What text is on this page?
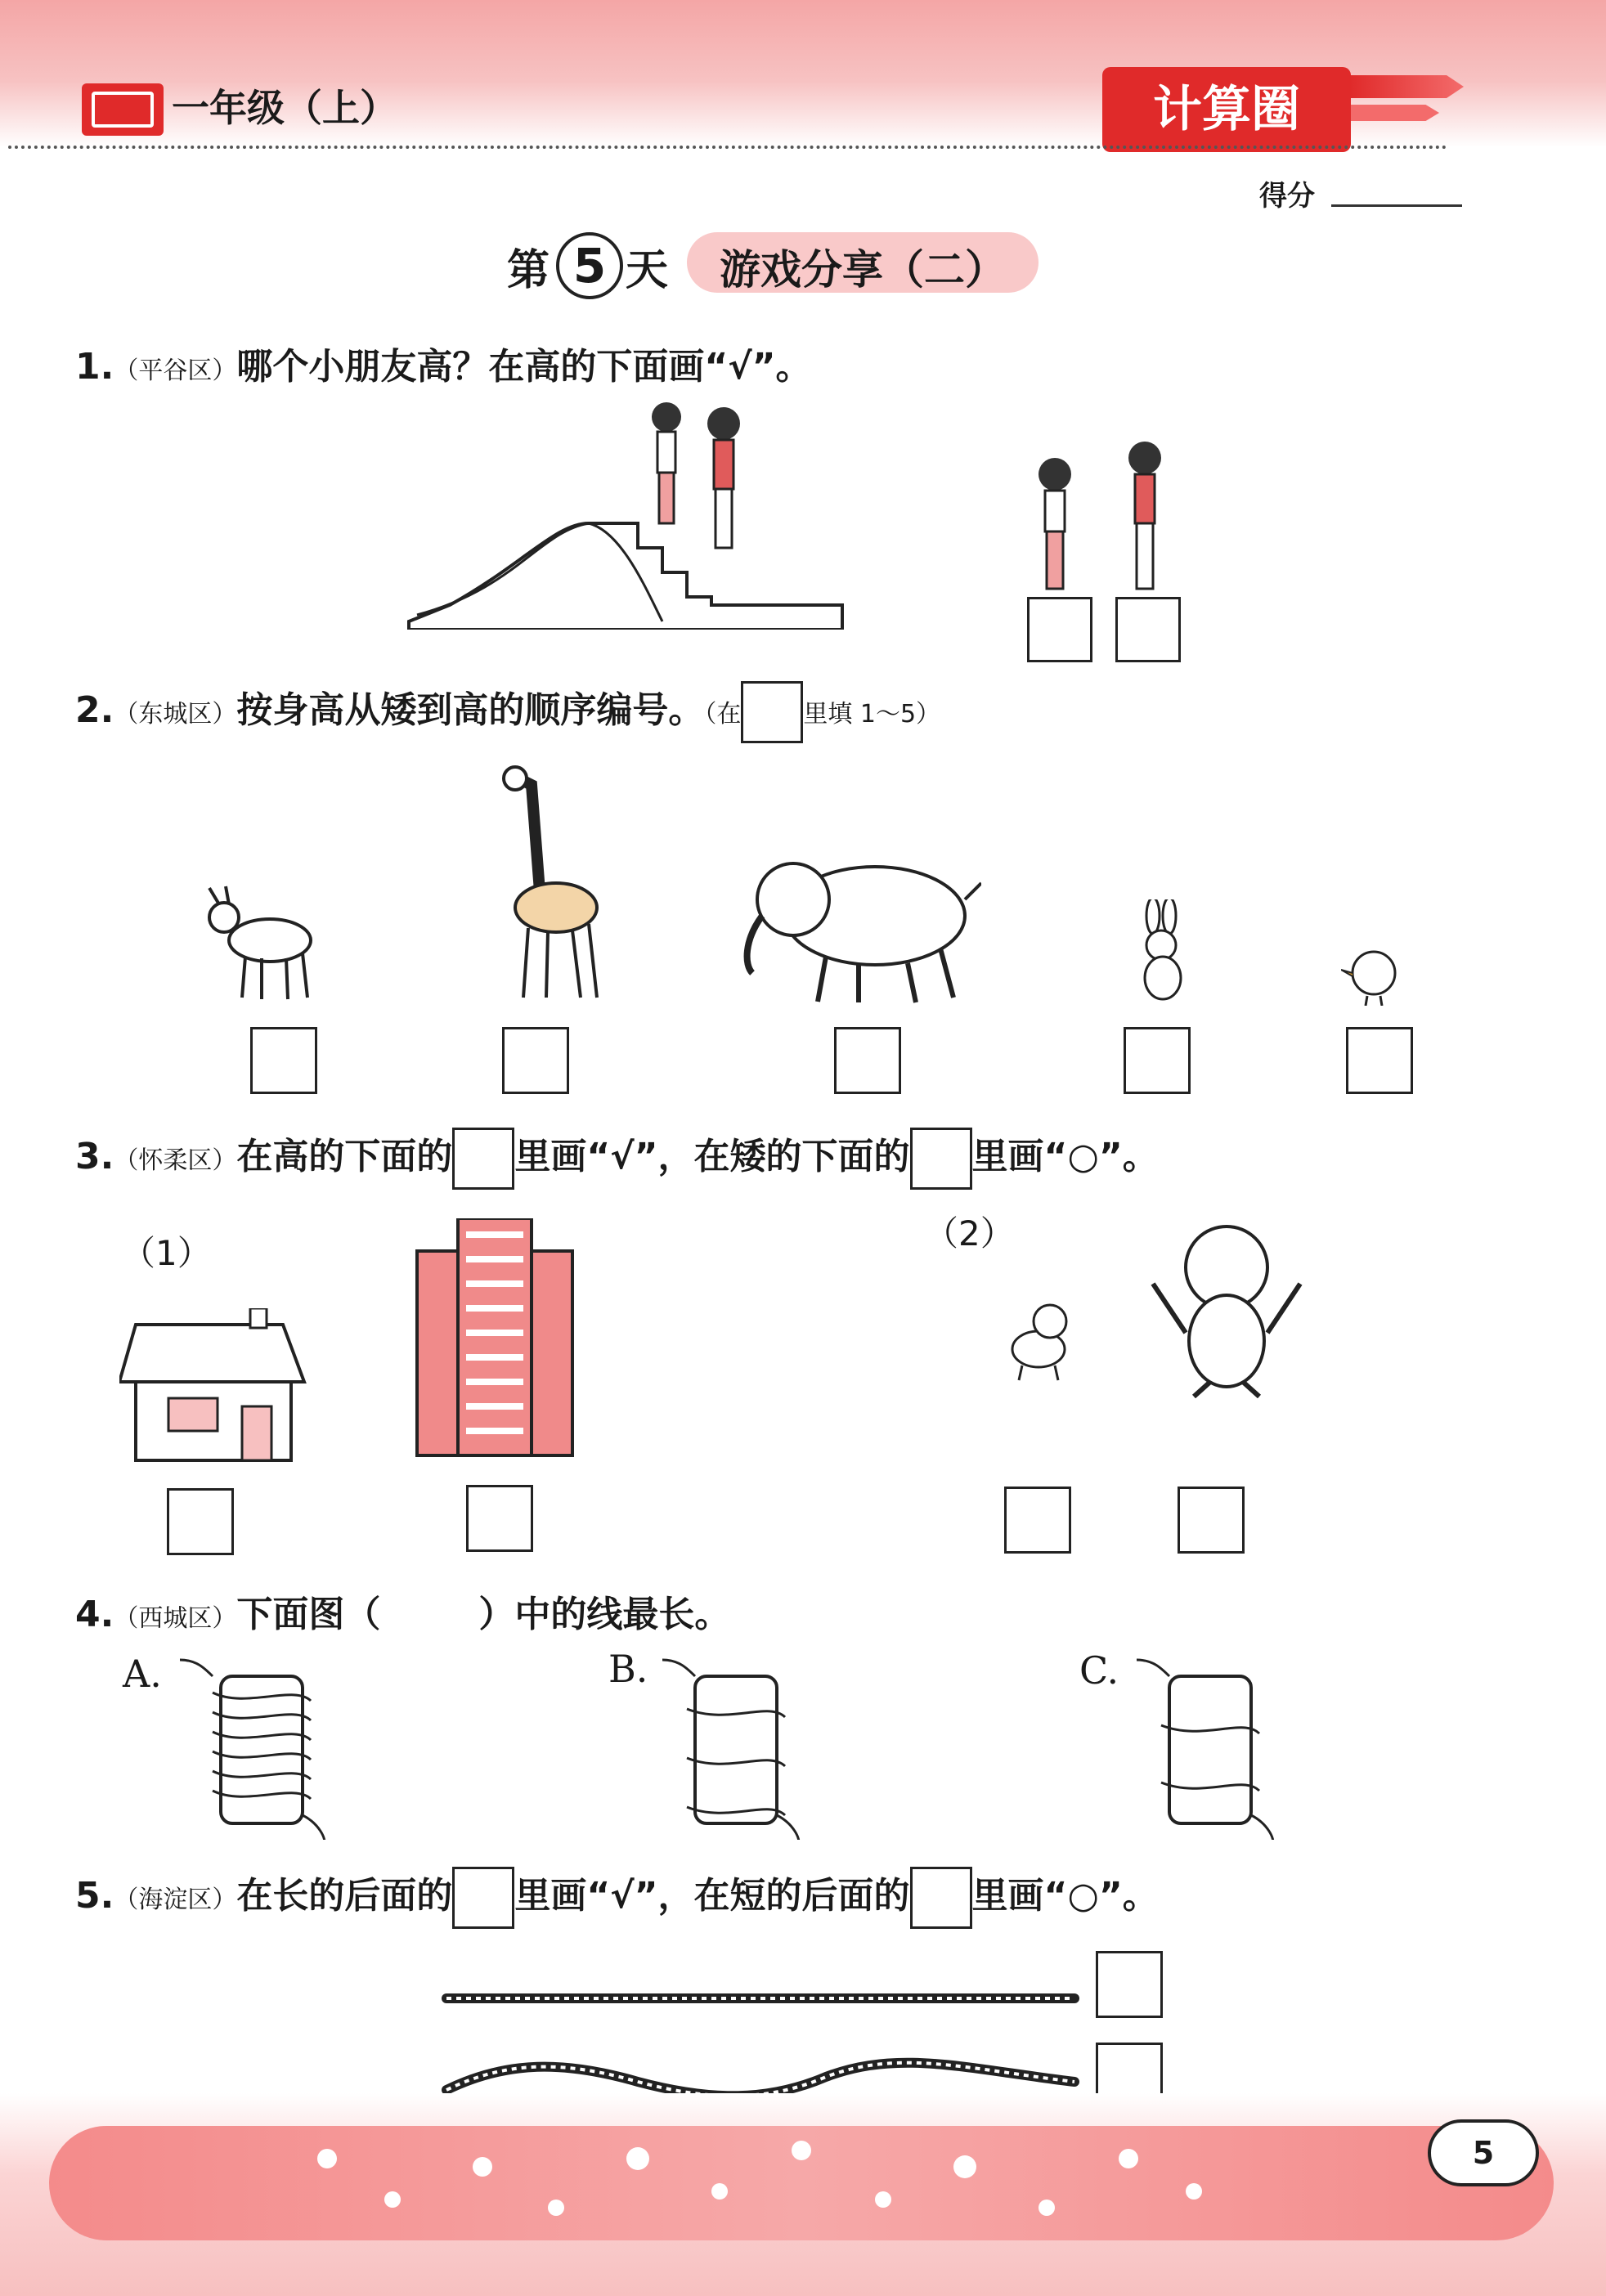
一年级（上）	计算圈
得分
第 5 天 游戏分享（二）
1.（平谷区）哪个小朋友高？在高的下面画“√”。
2.（东城区）按身高从矮到高的顺序编号。（在	里填 1～5）
3.（怀柔区）在高的下面的 里画“√”，在矮的下面的 里画“○”。
（1）	（2）
4.（西城区）下面图（	）中的线最长。
A.	B.	C.
5.（海淀区）在长的后面的 里画“√”，在短的后面的 里画“○”。
5
